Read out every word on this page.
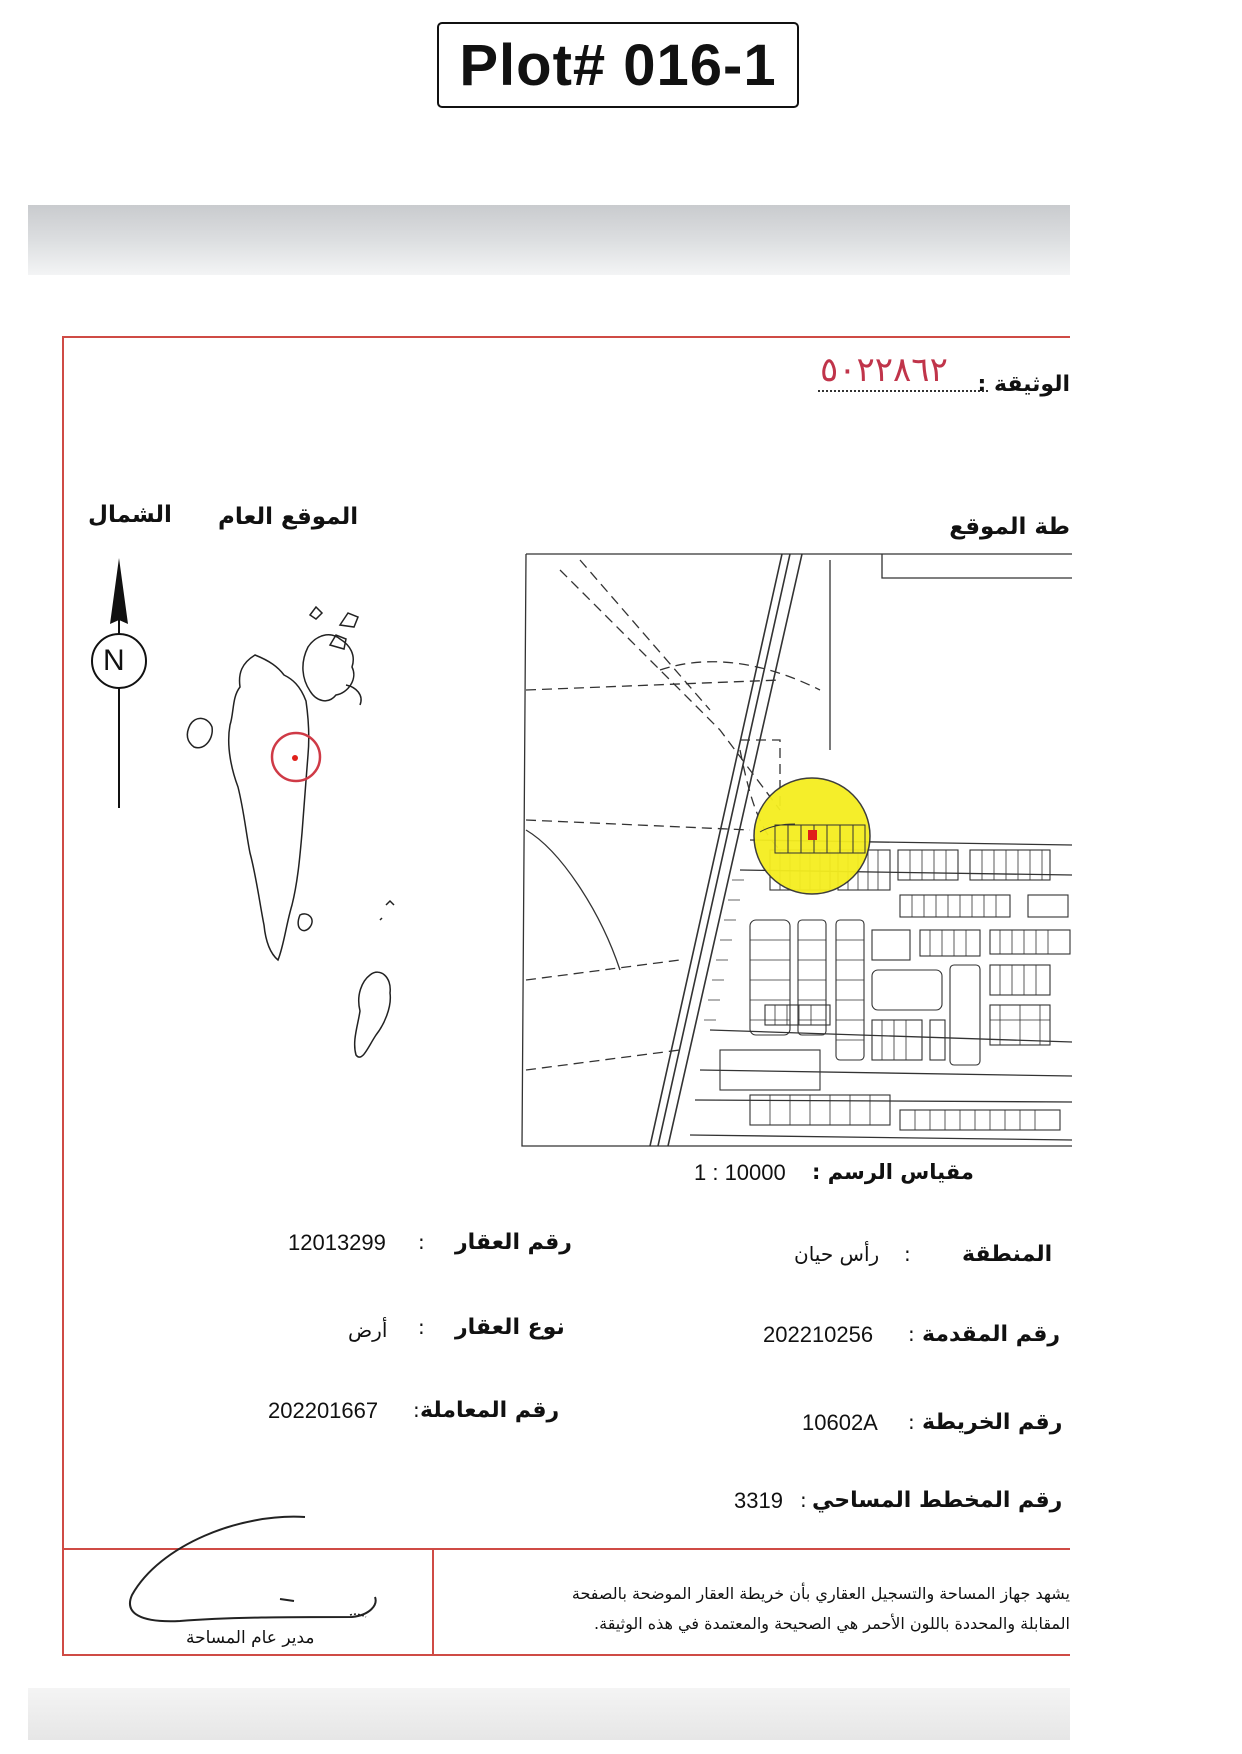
Plot# 016-1
الوثيقة :
٥٠٢٢٨٦٢
الموقع العام
الشمال
N
طة الموقع
مقياس الرسم :
1 : 10000
رقم العقار
:
12013299
نوع العقار
:
أرض
رقم المعاملة
:
202201667
المنطقة
:
رأس حيان
رقم المقدمة
:
202210256
رقم الخريطة
:
10602A
رقم المخطط المساحي
:
3319
يشهد جهاز المساحة والتسجيل العقاري بأن خريطة العقار الموضحة بالصفحة
المقابلة والمحددة باللون الأحمر هي الصحيحة والمعتمدة في هذه الوثيقة.
مدير عام المساحة
